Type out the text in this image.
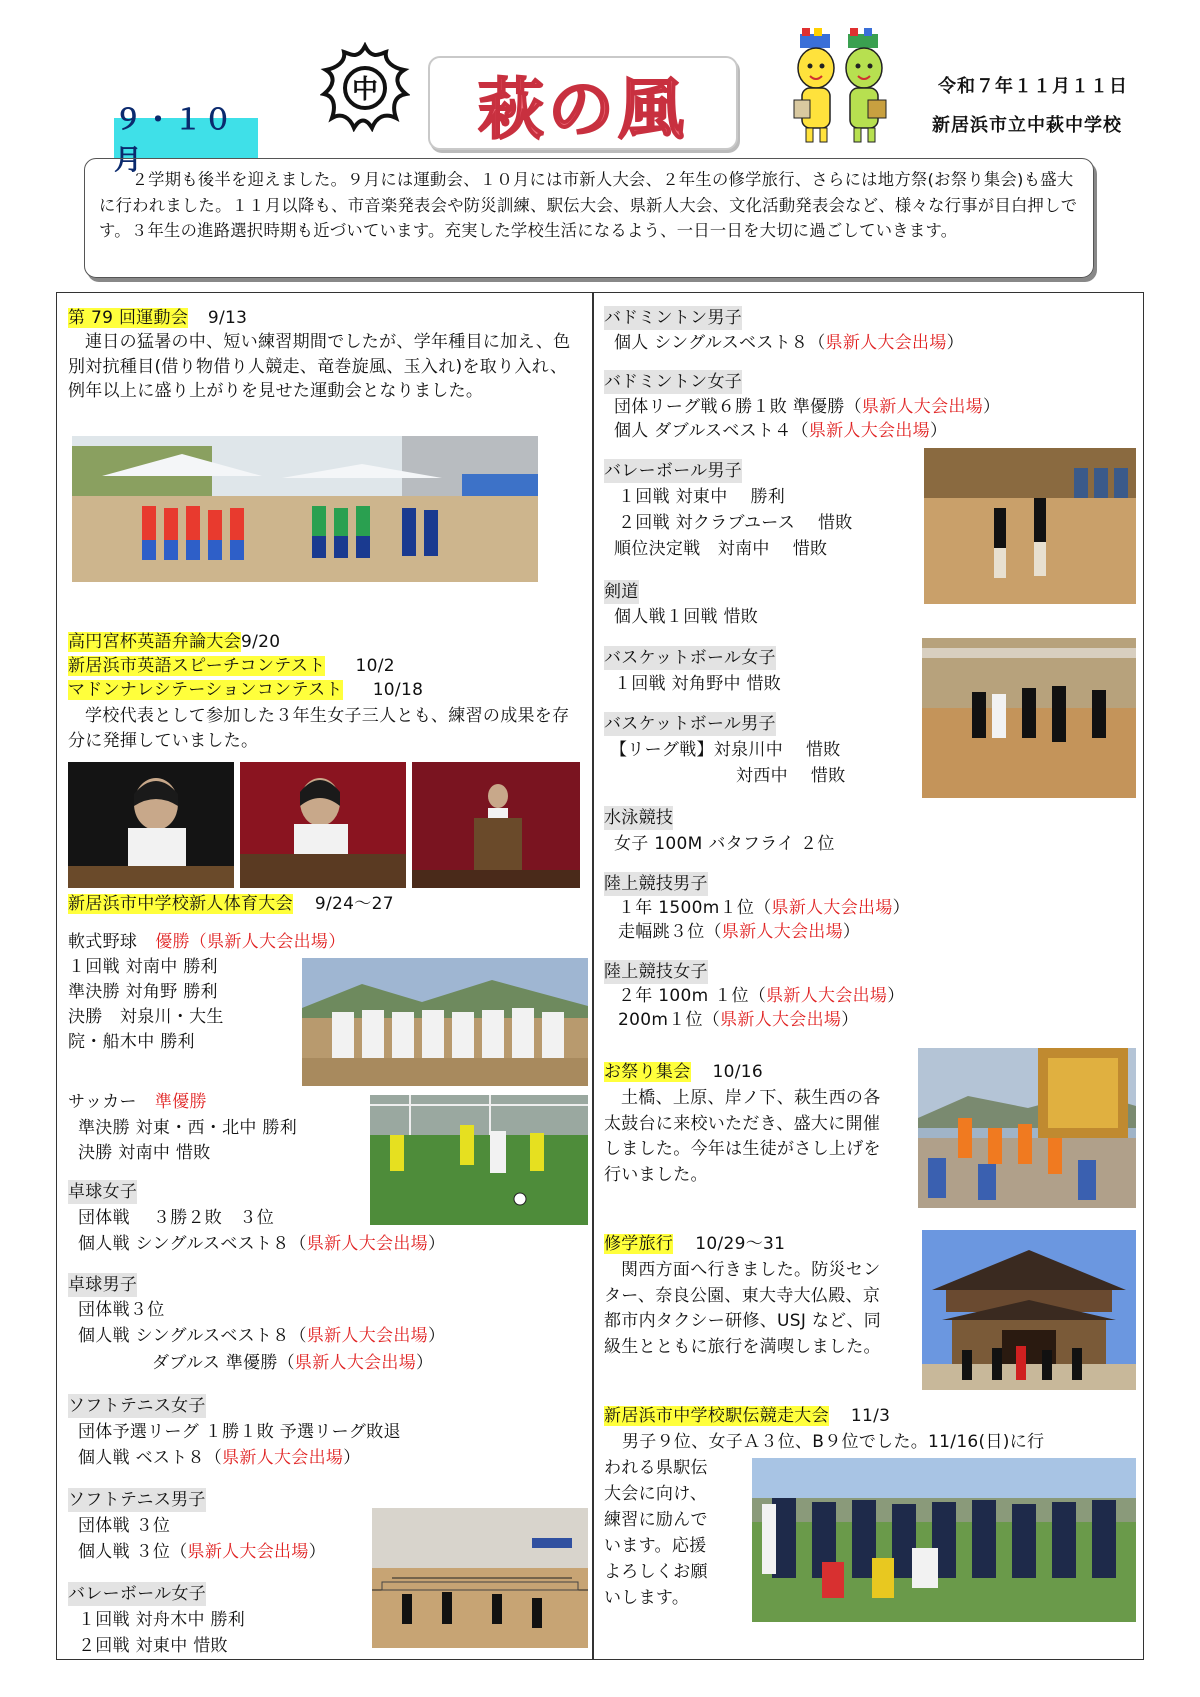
中 萩の風	令和７年１１月１１日
新居浜市立中萩中学校
９・１０月
２学期も後半を迎えました。９月には運動会、１０月には市新人大会、２年生の修学旅行、さらには地方祭(お祭り集会)も盛大に行われました。１１月以降も、市音楽発表会や防災訓練、駅伝大会、県新人大会、文化活動発表会など、様々な行事が目白押しです。３年生の進路選択時期も近づいています。充実した学校生活になるよう、一日一日を大切に過ごしていきます。
第 79 回運動会 9/13
連日の猛暑の中、短い練習期間でしたが、学年種目に加え、色別対抗種目(借り物借り人競走、竜巻旋風、玉入れ)を取り入れ、例年以上に盛り上がりを見せた運動会となりました。
高円宮杯英語弁論大会9/20
新居浜市英語スピーチコンテスト 10/2
マドンナレシテーションコンテスト 10/18
学校代表として参加した３年生女子三人とも、練習の成果を存分に発揮していました。
新居浜市中学校新人体育大会 9/24～27
軟式野球 優勝（県新人大会出場）
１回戦 対南中 勝利
準決勝 対角野 勝利
決勝　対泉川・大生
院・船木中 勝利
サッカー 準優勝
準決勝 対東・西・北中 勝利
決勝 対南中 惜敗
卓球女子
団体戦　 ３勝２敗　３位
個人戦 シングルスベスト８（県新人大会出場）
卓球男子
団体戦３位
個人戦 シングルスベスト８（県新人大会出場）
ダブルス 準優勝（県新人大会出場）
ソフトテニス女子
団体予選リーグ １勝１敗 予選リーグ敗退
個人戦 ベスト８（県新人大会出場）
ソフトテニス男子
団体戦 ３位
個人戦 ３位（県新人大会出場）
バレーボール女子
１回戦 対舟木中 勝利
２回戦 対東中 惜敗
バドミントン男子
個人 シングルスベスト８（県新人大会出場）
バドミントン女子
団体リーグ戦６勝１敗 準優勝（県新人大会出場）
個人 ダブルスベスト４（県新人大会出場）
バレーボール男子
１回戦 対東中　 勝利
２回戦 対クラブユース　 惜敗
順位決定戦　対南中　 惜敗
剣道
個人戦１回戦 惜敗
バスケットボール女子
１回戦 対角野中 惜敗
バスケットボール男子
【リーグ戦】対泉川中　 惜敗
対西中　 惜敗
水泳競技
女子 100M バタフライ ２位
陸上競技男子
１年 1500m１位（県新人大会出場）
走幅跳３位（県新人大会出場）
陸上競技女子
２年 100m １位（県新人大会出場）
200m１位（県新人大会出場）
お祭り集会 10/16
土橋、上原、岸ノ下、萩生西の各太鼓台に来校いただき、盛大に開催しました。今年は生徒がさし上げを行いました。
修学旅行 10/29～31
関西方面へ行きました。防災センター、奈良公園、東大寺大仏殿、京都市内タクシー研修、USJ など、同級生とともに旅行を満喫しました。
新居浜市中学校駅伝競走大会 11/3
男子９位、女子Ａ３位、B９位でした。11/16(日)に行
われる県駅伝
大会に向け、
練習に励んで
います。応援
よろしくお願
いします。
